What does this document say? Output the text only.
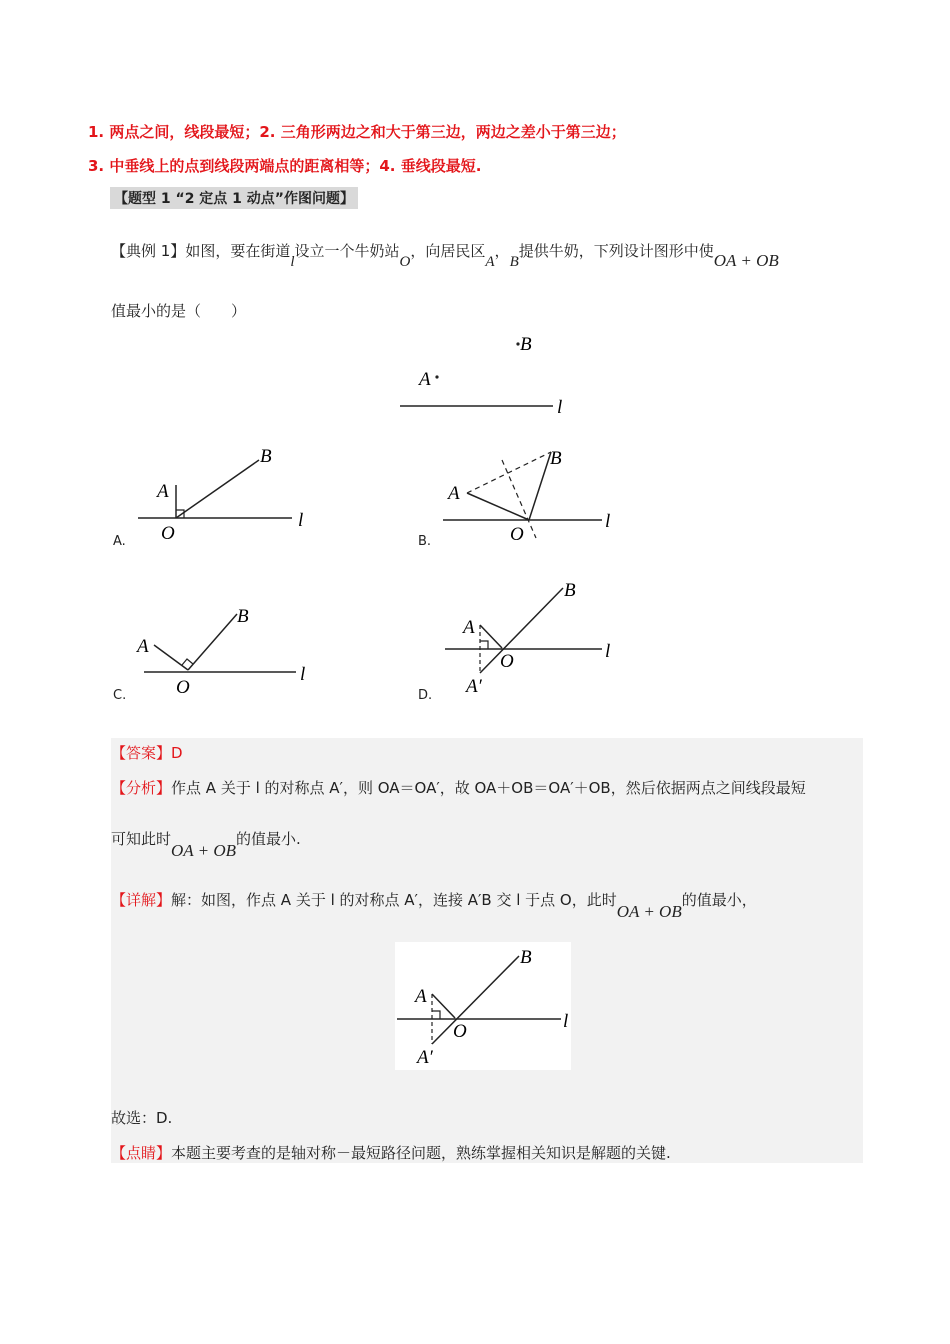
1. 两点之间，线段最短；2. 三角形两边之和大于第三边，两边之差小于第三边；
3. 中垂线上的点到线段两端点的距离相等；4. 垂线段最短.
【题型 1 “2 定点 1 动点”作图问题】
【典例 1】如图，要在街道l设立一个牛奶站O，向居民区A，B提供牛奶，下列设计图形中使OA + OB
值最小的是（　　）
B
A
l
A
B
O
l
A.
A
B
O
l
B.
A
B
O
l
C.
A
B
O
A′
l
D.
【答案】D
【分析】作点 A 关于 l 的对称点 A′，则 OA＝OA′，故 OA＋OB＝OA′＋OB，然后依据两点之间线段最短
可知此时OA + OB的值最小.
【详解】解：如图，作点 A 关于 l 的对称点 A′，连接 A′B 交 l 于点 O，此时OA + OB的值最小，
A
B
O
A′
l
故选：D.
【点睛】本题主要考查的是轴对称－最短路径问题，熟练掌握相关知识是解题的关键.
